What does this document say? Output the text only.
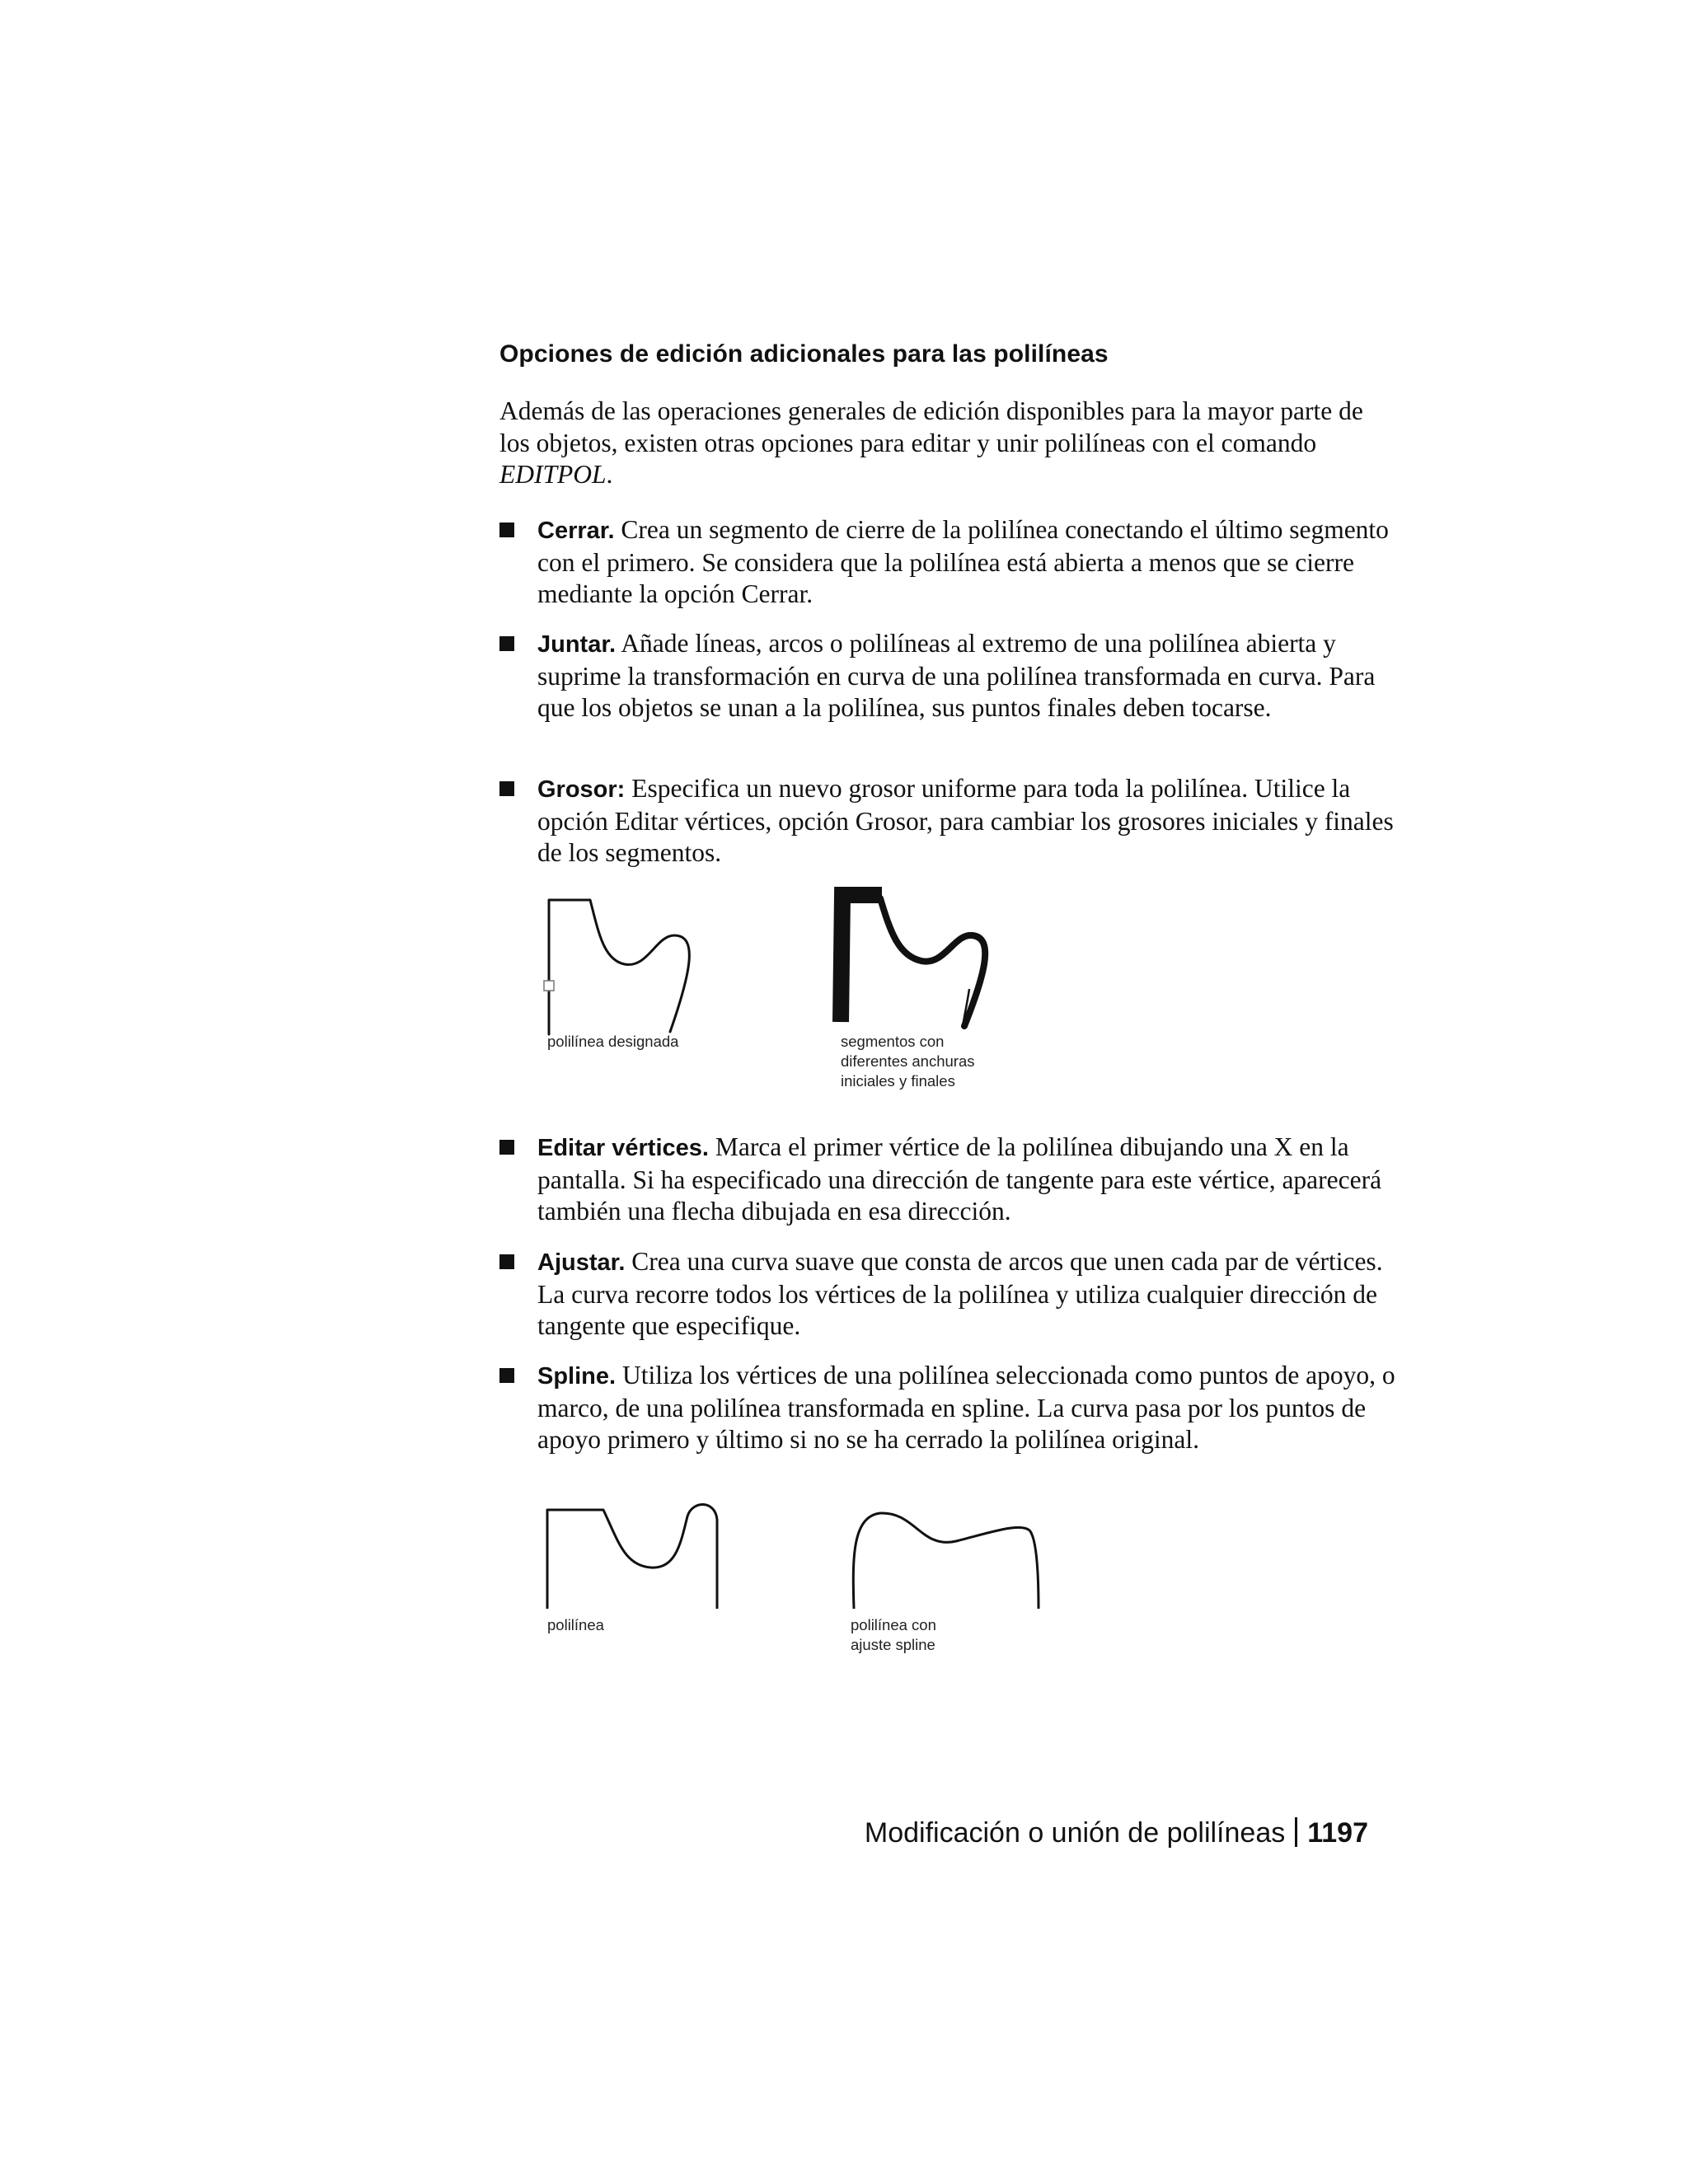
Opciones de edición adicionales para las polilíneas

Además de las operaciones generales de edición disponibles para la mayor parte de los objetos, existen otras opciones para editar y unir polilíneas con el comando EDITPOL.

Cerrar. Crea un segmento de cierre de la polilínea conectando el último segmento con el primero. Se considera que la polilínea está abierta a menos que se cierre mediante la opción Cerrar.
Juntar. Añade líneas, arcos o polilíneas al extremo de una polilínea abierta y suprime la transformación en curva de una polilínea transformada en curva. Para que los objetos se unan a la polilínea, sus puntos finales deben tocarse.
Grosor: Especifica un nuevo grosor uniforme para toda la polilínea. Utilice la opción Editar vértices, opción Grosor, para cambiar los grosores iniciales y finales de los segmentos.
Editar vértices. Marca el primer vértice de la polilínea dibujando una X en la pantalla. Si ha especificado una dirección de tangente para este vértice, aparecerá también una flecha dibujada en esa dirección.
Ajustar. Crea una curva suave que consta de arcos que unen cada par de vértices. La curva recorre todos los vértices de la polilínea y utiliza cualquier dirección de tangente que especifique.
Spline. Utiliza los vértices de una polilínea seleccionada como puntos de apoyo, o marco, de una polilínea transformada en spline. La curva pasa por los puntos de apoyo primero y último si no se ha cerrado la polilínea original.

polilínea designada	segmentos con
diferentes anchuras
iniciales y finales

polilínea	polilínea con
ajuste spline

Modificación o unión de polilíneas 1197
